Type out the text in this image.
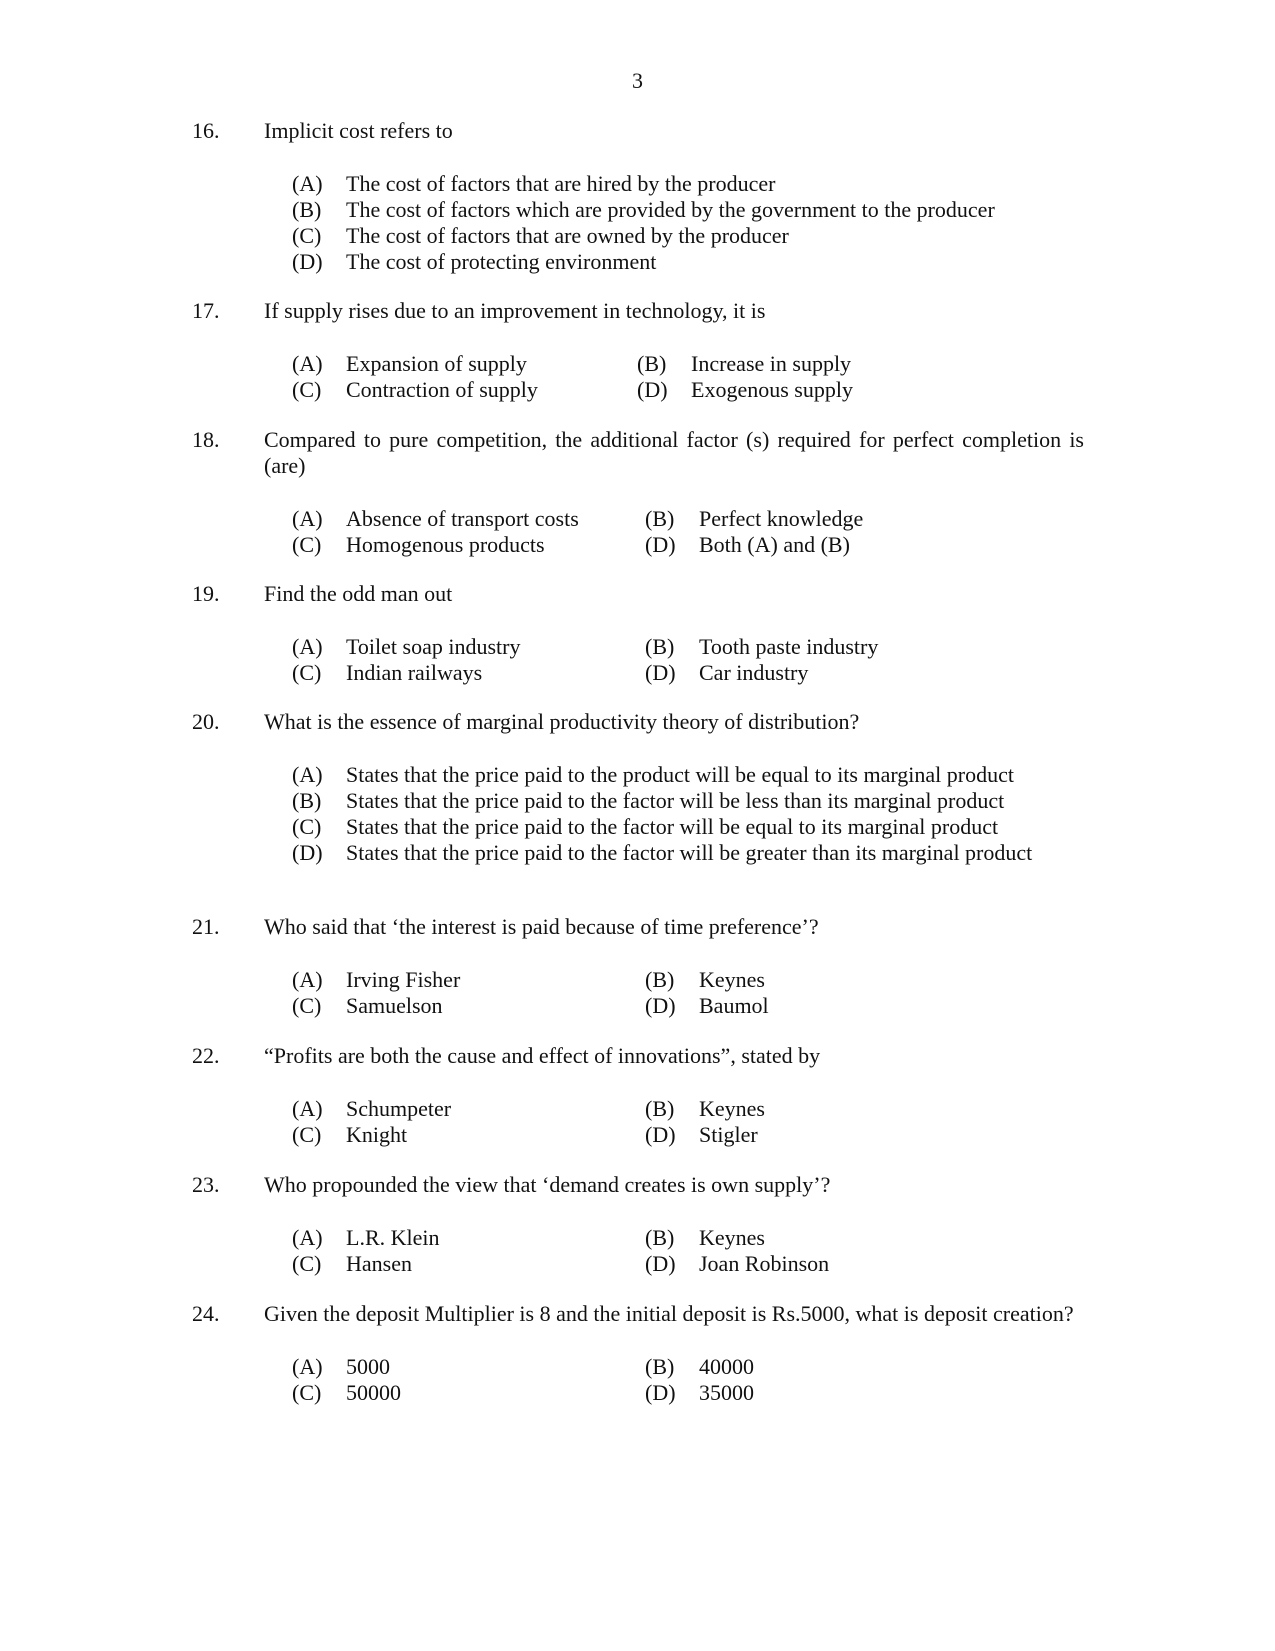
3
16.	Implicit cost refers to
(A) The cost of factors that are hired by the producer
(B) The cost of factors which are provided by the government to the producer
(C) The cost of factors that are owned by the producer
(D) The cost of protecting environment
17.	If supply rises due to an improvement in technology, it is
(A) Expansion of supply	(B) Increase in supply
(C) Contraction of supply	(D) Exogenous supply
18.	Compared to pure competition, the additional factor (s) required for perfect completion is (are)
(A) Absence of transport costs	(B) Perfect knowledge
(C) Homogenous products	(D) Both (A) and (B)
19.	Find the odd man out
(A) Toilet soap industry	(B) Tooth paste industry
(C) Indian railways	(D) Car industry
20.	What is the essence of marginal productivity theory of distribution?
(A) States that the price paid to the product will be equal to its marginal product
(B) States that the price paid to the factor will be less than its marginal product
(C) States that the price paid to the factor will be equal to its marginal product
(D) States that the price paid to the factor will be greater than its marginal product
21.	Who said that ‘the interest is paid because of time preference’?
(A) Irving Fisher	(B) Keynes
(C) Samuelson	(D) Baumol
22.	“Profits are both the cause and effect of innovations”, stated by
(A) Schumpeter	(B) Keynes
(C) Knight	(D) Stigler
23.	Who propounded the view that ‘demand creates is own supply’?
(A) L.R. Klein	(B) Keynes
(C) Hansen	(D) Joan Robinson
24.	Given the deposit Multiplier is 8 and the initial deposit is Rs.5000, what is deposit creation?
(A) 5000	(B) 40000
(C) 50000	(D) 35000
